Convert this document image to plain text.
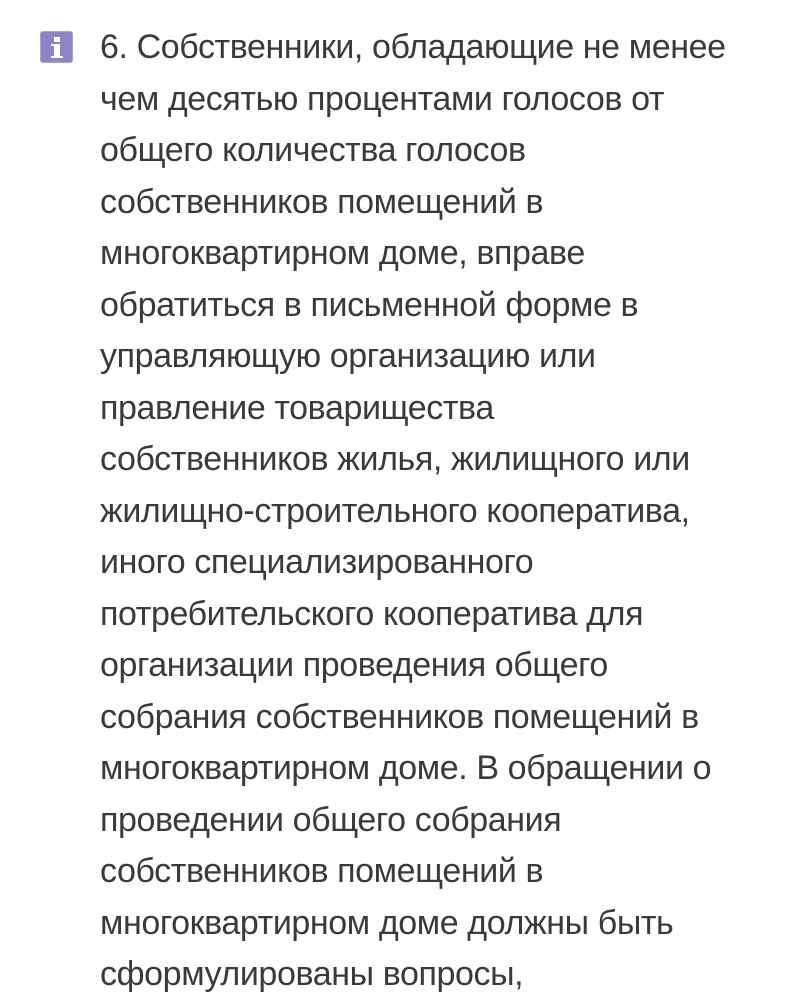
6. Собственники, обладающие не менее
чем десятью процентами голосов от
общего количества голосов
собственников помещений в
многоквартирном доме, вправе
обратиться в письменной форме в
управляющую организацию или
правление товарищества
собственников жилья, жилищного или
жилищно-строительного кооператива,
иного специализированного
потребительского кооператива для
организации проведения общего
собрания собственников помещений в
многоквартирном доме. В обращении о
проведении общего собрания
собственников помещений в
многоквартирном доме должны быть
сформулированы вопросы,
